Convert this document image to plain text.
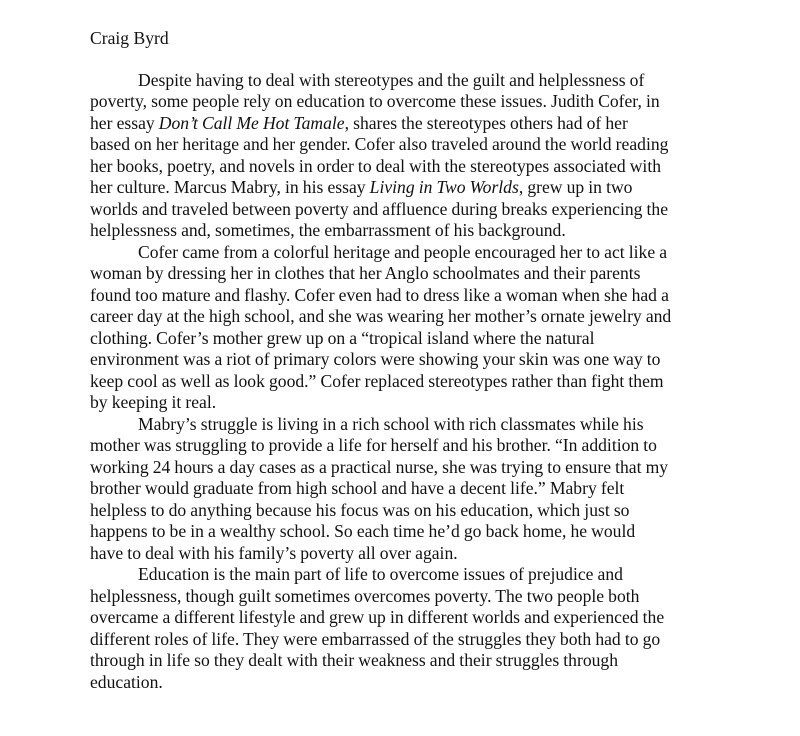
Craig Byrd
Despite having to deal with stereotypes and the guilt and helplessness of
poverty, some people rely on education to overcome these issues. Judith Cofer, in
her essay Don’t Call Me Hot Tamale, shares the stereotypes others had of her
based on her heritage and her gender. Cofer also traveled around the world reading
her books, poetry, and novels in order to deal with the stereotypes associated with
her culture. Marcus Mabry, in his essay Living in Two Worlds, grew up in two
worlds and traveled between poverty and affluence during breaks experiencing the
helplessness and, sometimes, the embarrassment of his background.
Cofer came from a colorful heritage and people encouraged her to act like a
woman by dressing her in clothes that her Anglo schoolmates and their parents
found too mature and flashy. Cofer even had to dress like a woman when she had a
career day at the high school, and she was wearing her mother’s ornate jewelry and
clothing. Cofer’s mother grew up on a “tropical island where the natural
environment was a riot of primary colors were showing your skin was one way to
keep cool as well as look good.” Cofer replaced stereotypes rather than fight them
by keeping it real.
Mabry’s struggle is living in a rich school with rich classmates while his
mother was struggling to provide a life for herself and his brother. “In addition to
working 24 hours a day cases as a practical nurse, she was trying to ensure that my
brother would graduate from high school and have a decent life.” Mabry felt
helpless to do anything because his focus was on his education, which just so
happens to be in a wealthy school. So each time he’d go back home, he would
have to deal with his family’s poverty all over again.
Education is the main part of life to overcome issues of prejudice and
helplessness, though guilt sometimes overcomes poverty. The two people both
overcame a different lifestyle and grew up in different worlds and experienced the
different roles of life. They were embarrassed of the struggles they both had to go
through in life so they dealt with their weakness and their struggles through
education.
